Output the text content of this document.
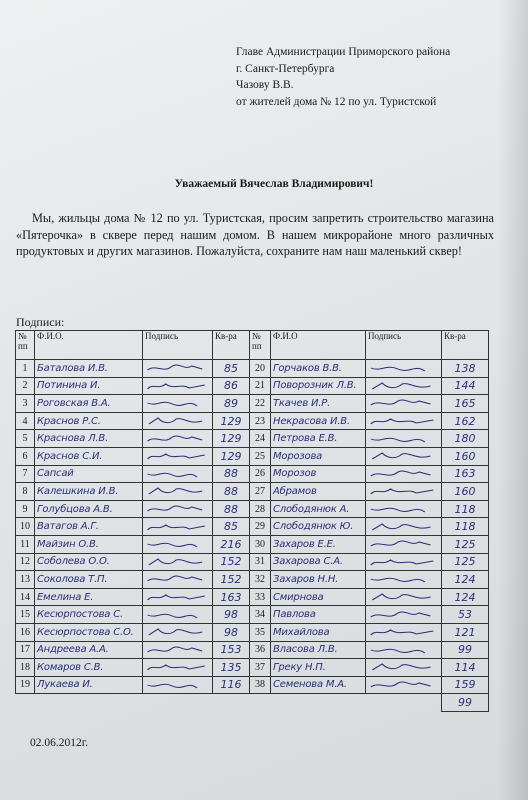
Главе Администрации Приморского района
г. Санкт-Петербурга
Чазову В.В.
от жителей дома № 12 по ул. Туристской
Уважаемый Вячеслав Владимирович!
Мы, жильцы дома № 12 по ул. Туристская, просим запретить строительство магазина «Пятерочка» в сквере перед нашим домом. В нашем микрорайоне много различных продуктовых и других магазинов. Пожалуйста, сохраните нам наш маленький сквер!
Подписи:
№ пп	Ф.И.О.	Подпись	Кв-ра	№ пп	Ф.И.О	Подпись	Кв-ра
1	Баталова И.В.		85	20	Горчаков В.В.		138
2	Потинина И.		86	21	Поворозник Л.В.		144
3	Роговская В.А.		89	22	Ткачев И.Р.		165
4	Краснов Р.С.		129	23	Некрасова И.В.		162
5	Краснова Л.В.		129	24	Петрова Е.В.		180
6	Краснов С.И.		129	25	Морозова		160
7	Сапсай		88	26	Морозов		163
8	Калешкина И.В.		88	27	Абрамов		160
9	Голубцова А.В.		88	28	Слободянюк А.		118
10	Ватагов А.Г.		85	29	Слободянюк Ю.		118
11	Майзин О.В.		216	30	Захаров Е.Е.		125
12	Соболева О.О.		152	31	Захарова С.А.		125
13	Соколова Т.П.		152	32	Захаров Н.Н.		124
14	Емелина Е.		163	33	Смирнова		124
15	Кесюрпостова С.		98	34	Павлова		53
16	Кесюрпостова С.О.		98	35	Михайлова		121
17	Андреева А.А.		153	36	Власова Л.В.		99
18	Комаров С.В.		135	37	Греку Н.П.		114
19	Лукаева И.		116	38	Семенова М.А.		159
							99
02.06.2012г.
